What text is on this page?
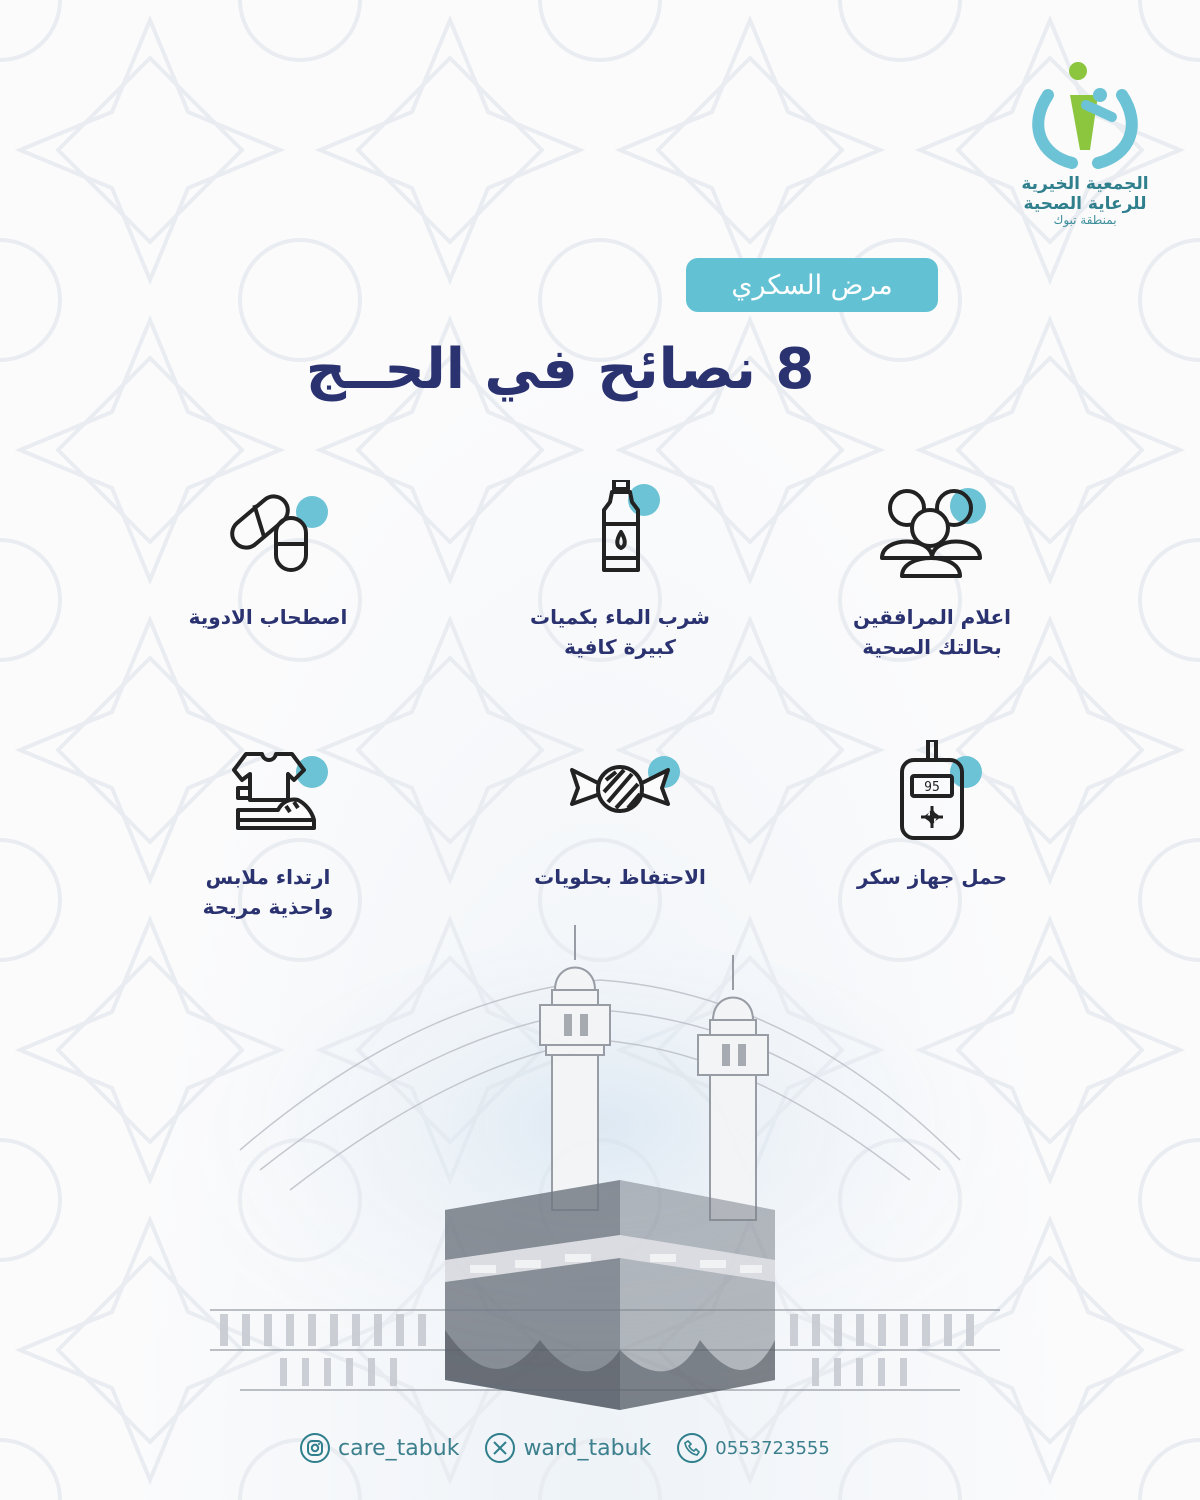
الجمعية الخيرية
للرعاية الصحية
بمنطقة تبوك
مرض السكري
8 نصائح في الحــج
اعلام المرافقين
بحالتك الصحية
شرب الماء بكميات
كبيرة كافية
اصطحاب الادوية
95
حمل جهاز سكر
الاحتفاظ بحلويات
ارتداء ملابس
واحذية مريحة
care_tabuk	ward_tabuk	0553723555
